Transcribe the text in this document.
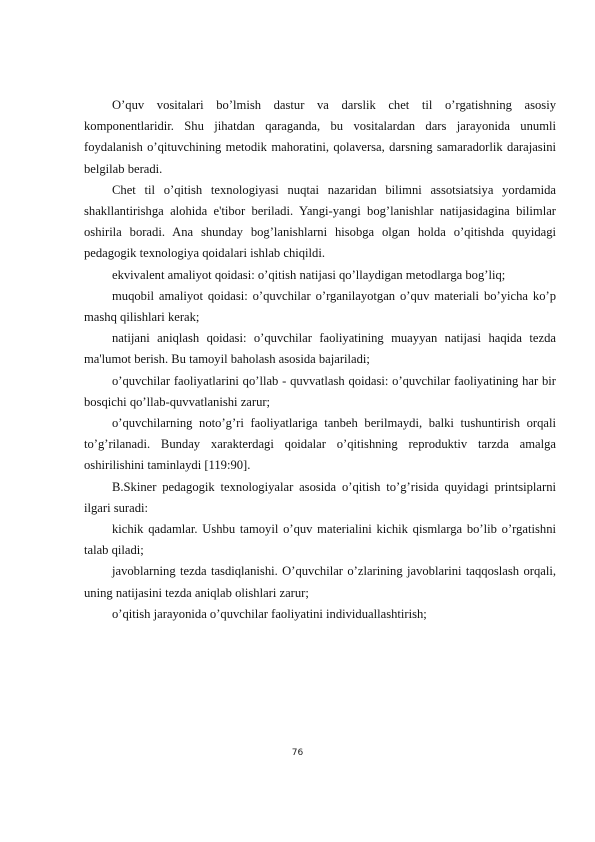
O’quv vositalari bo’lmish dastur va darslik chet til o’rgatishning asosiy komponentlaridir. Shu jihatdan qaraganda, bu vositalardan dars jarayonida unumli foydalanish o’qituvchining metodik mahoratini, qolaversa, darsning samaradorlik darajasini belgilab beradi.

Chet til o’qitish texnologiyasi nuqtai nazaridan bilimni assotsiatsiya yordamida shakllantirishga alohida e'tibor beriladi. Yangi-yangi bog’lanishlar natijasidagina bilimlar oshirila boradi. Ana shunday bog’lanishlarni hisobga olgan holda o’qitishda quyidagi pedagogik texnologiya qoidalari ishlab chiqildi.

ekvivalent amaliyot qoidasi: o’qitish natijasi qo’llaydigan metodlarga bog’liq;

muqobil amaliyot qoidasi: o’quvchilar o’rganilayotgan o’quv materiali bo’yicha ko’p mashq qilishlari kerak;

natijani aniqlash qoidasi: o’quvchilar faoliyatining muayyan natijasi haqida tezda ma'lumot berish. Bu tamoyil baholash asosida bajariladi;

o’quvchilar faoliyatlarini qo’llab - quvvatlash qoidasi: o’quvchilar faoliyatining har bir bosqichi qo’llab-quvvatlanishi zarur;

o’quvchilarning noto’g’ri faoliyatlariga tanbeh berilmaydi, balki tushuntirish orqali to’g’rilanadi. Bunday xarakterdagi qoidalar o’qitishning reproduktiv tarzda amalga oshirilishini taminlaydi [119:90].

B.Skiner pedagogik texnologiyalar asosida o’qitish to’g’risida quyidagi printsiplarni ilgari suradi:

kichik qadamlar. Ushbu tamoyil o’quv materialini kichik qismlarga bo’lib o’rgatishni talab qiladi;

javoblarning tezda tasdiqlanishi. O’quvchilar o’zlarining javoblarini taqqoslash orqali, uning natijasini tezda aniqlab olishlari zarur;

o’qitish jarayonida o’quvchilar faoliyatini individuallashtirish;

76
